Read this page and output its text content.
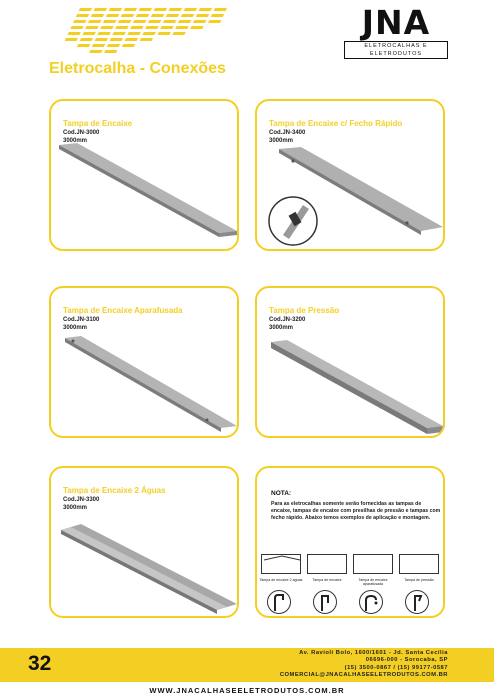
JNA
ELETROCALHAS E ELETRODUTOS
Eletrocalha - Conexões
Tampa de Encaixe
Cod.JN-3000
3000mm
Tampa de Encaixe c/ Fecho Rápido
Cod.JN-3400
3000mm
Tampa de Encaixe Aparafusada
Cod.JN-3100
3000mm
Tampa de Pressão
Cod.JN-3200
3000mm
Tampa de Encaixe 2 Águas
Cod.JN-3300
3000mm
NOTA:
Para as eletrocalhas somente serão fornecidas as tampas de encaixe, tampas de encaixe com presilhas de pressão e tampas com fecho rápido. Abaixo temos exemplos de aplicação e montagem.
Tampa de encaixe 2 águas	Tampa de encaixe	Tampa de encaixe aparafusada
Tampa de pressão
32	Av. Ravioli Bolo, 1600/1601 - Jd. Santa Cecília
06696-000 - Sorocaba, SP
(15) 3500-0867 / (15) 99177-0587
COMERCIAL@JNACALHASEELETRODUTOS.COM.BR
WWW.JNACALHASEELETRODUTOS.COM.BR
